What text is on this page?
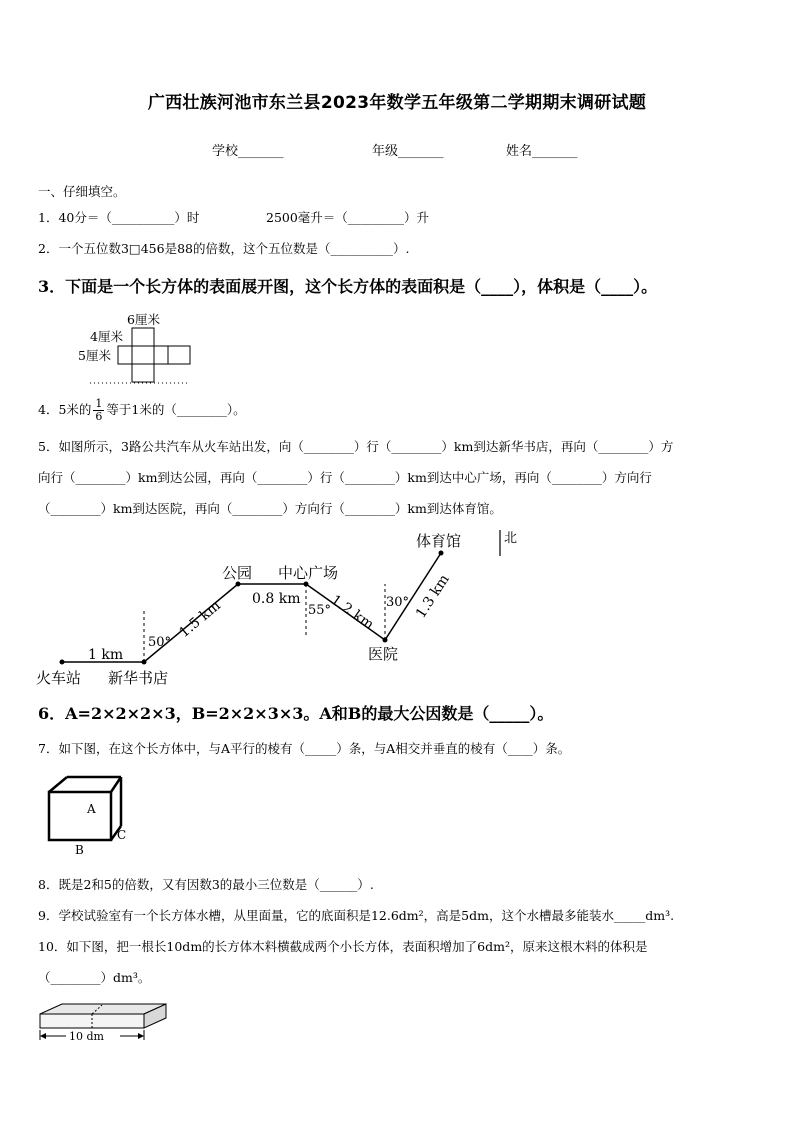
广西壮族河池市东兰县2023年数学五年级第二学期期末调研试题
学校_______	年级_______	姓名_______
一、仔细填空。
1．40分＝（__________）时	2500毫升＝（_________）升
2．一个五位数3□456是88的倍数，这个五位数是（__________）.
3．下面是一个长方体的表面展开图，这个长方体的表面积是（____），体积是（____）。
6厘米
4厘米
5厘米
4．5米的 $\frac{1}{6}$ 等于1米的（________）。
5．如图所示，3路公共汽车从火车站出发，向（________）行（________）km到达新华书店，再向（________）方
向行（________）km到达公园，再向（________）行（________）km到达中心广场，再向（________）方向行
（________）km到达医院，再向（________）方向行（________）km到达体育馆。
火车站 新华书店
公园 中心广场
医院
体育馆	北
1 km
1.5 km 0.8 km 1.2 km	1.3 km
50°
55°
30°
6．A=2×2×2×3，B=2×2×3×3。A和B的最大公因数是（_____）。
7．如下图，在这个长方体中，与A平行的棱有（_____）条，与A相交并垂直的棱有（____）条。
A
B
C
8．既是2和5的倍数，又有因数3的最小三位数是（______）.
9．学校试验室有一个长方体水槽，从里面量，它的底面积是12.6dm²，高是5dm，这个水槽最多能装水_____dm³.
10．如下图，把一根长10dm的长方体木料横截成两个小长方体，表面积增加了6dm²，原来这根木料的体积是
（________）dm³。
10 dm
